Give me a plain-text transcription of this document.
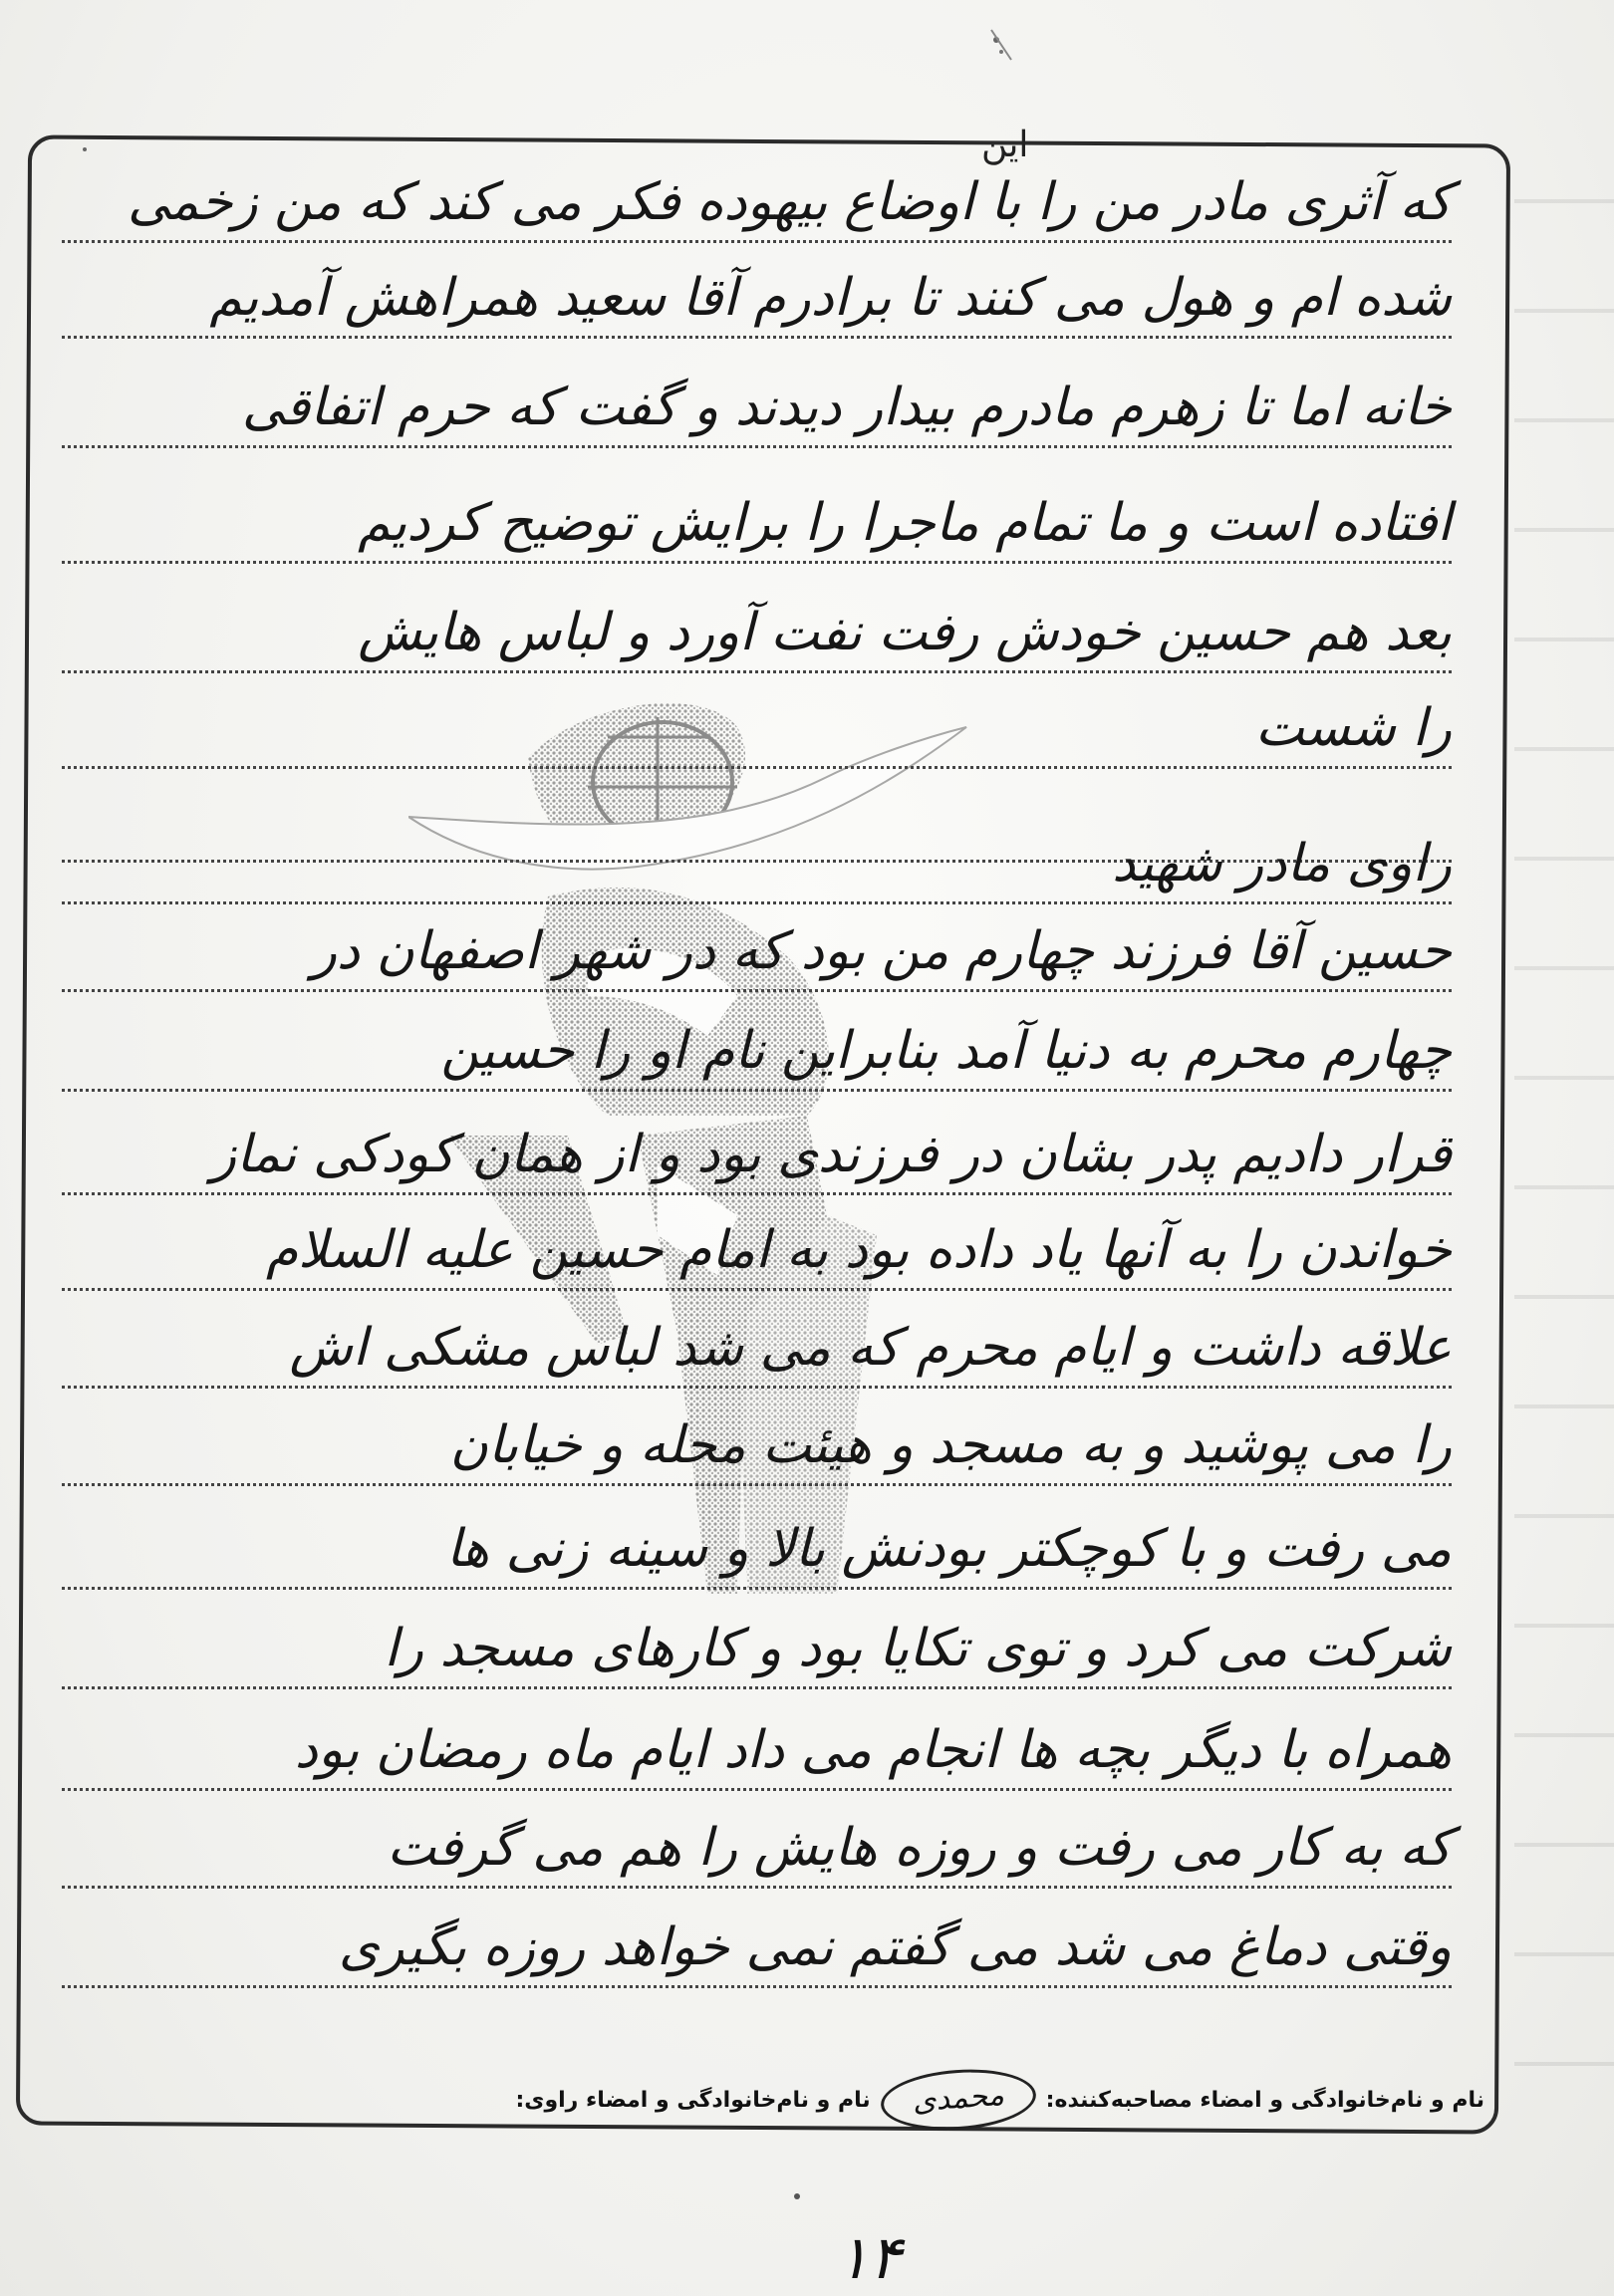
این
که آثری مادر من را با اوضاع بیهوده فکر می کند که من زخمی
شده ام و هول می کنند تا برادرم آقا سعید همراهش آمدیم
خانه اما تا زهرم مادرم بیدار دیدند و گفت که حرم اتفاقی
افتاده است و ما تمام ماجرا را برایش توضیح کردیم
بعد هم حسین خودش رفت نفت آورد و لباس هایش
را شست
راوی مادر شهید
حسین آقا فرزند چهارم من بود که در شهر اصفهان در
چهارم محرم به دنیا آمد بنابراین نام او را حسین
قرار دادیم پدر بشان در فرزندی بود و از همان کودکی نماز
خواندن را به آنها یاد داده بود به امام حسین علیه السلام
علاقه داشت و ایام محرم که می شد لباس مشکی اش
را می پوشید و به مسجد و هیئت محله و خیابان
می رفت و با کوچکتر بودنش بالا و سینه زنی ها
شرکت می کرد و توی تکایا بود و کارهای مسجد را
همراه با دیگر بچه ها انجام می داد ایام ماه رمضان بود
که به کار می رفت و روزه هایش را هم می گرفت
وقتی دماغ می شد می گفتم نمی خواهد روزه بگیری
نام و نام‌خانوادگی و امضاء مصاحبه‌کننده:
محمدی
نام و نام‌خانوادگی و امضاء راوی:
۱۴
